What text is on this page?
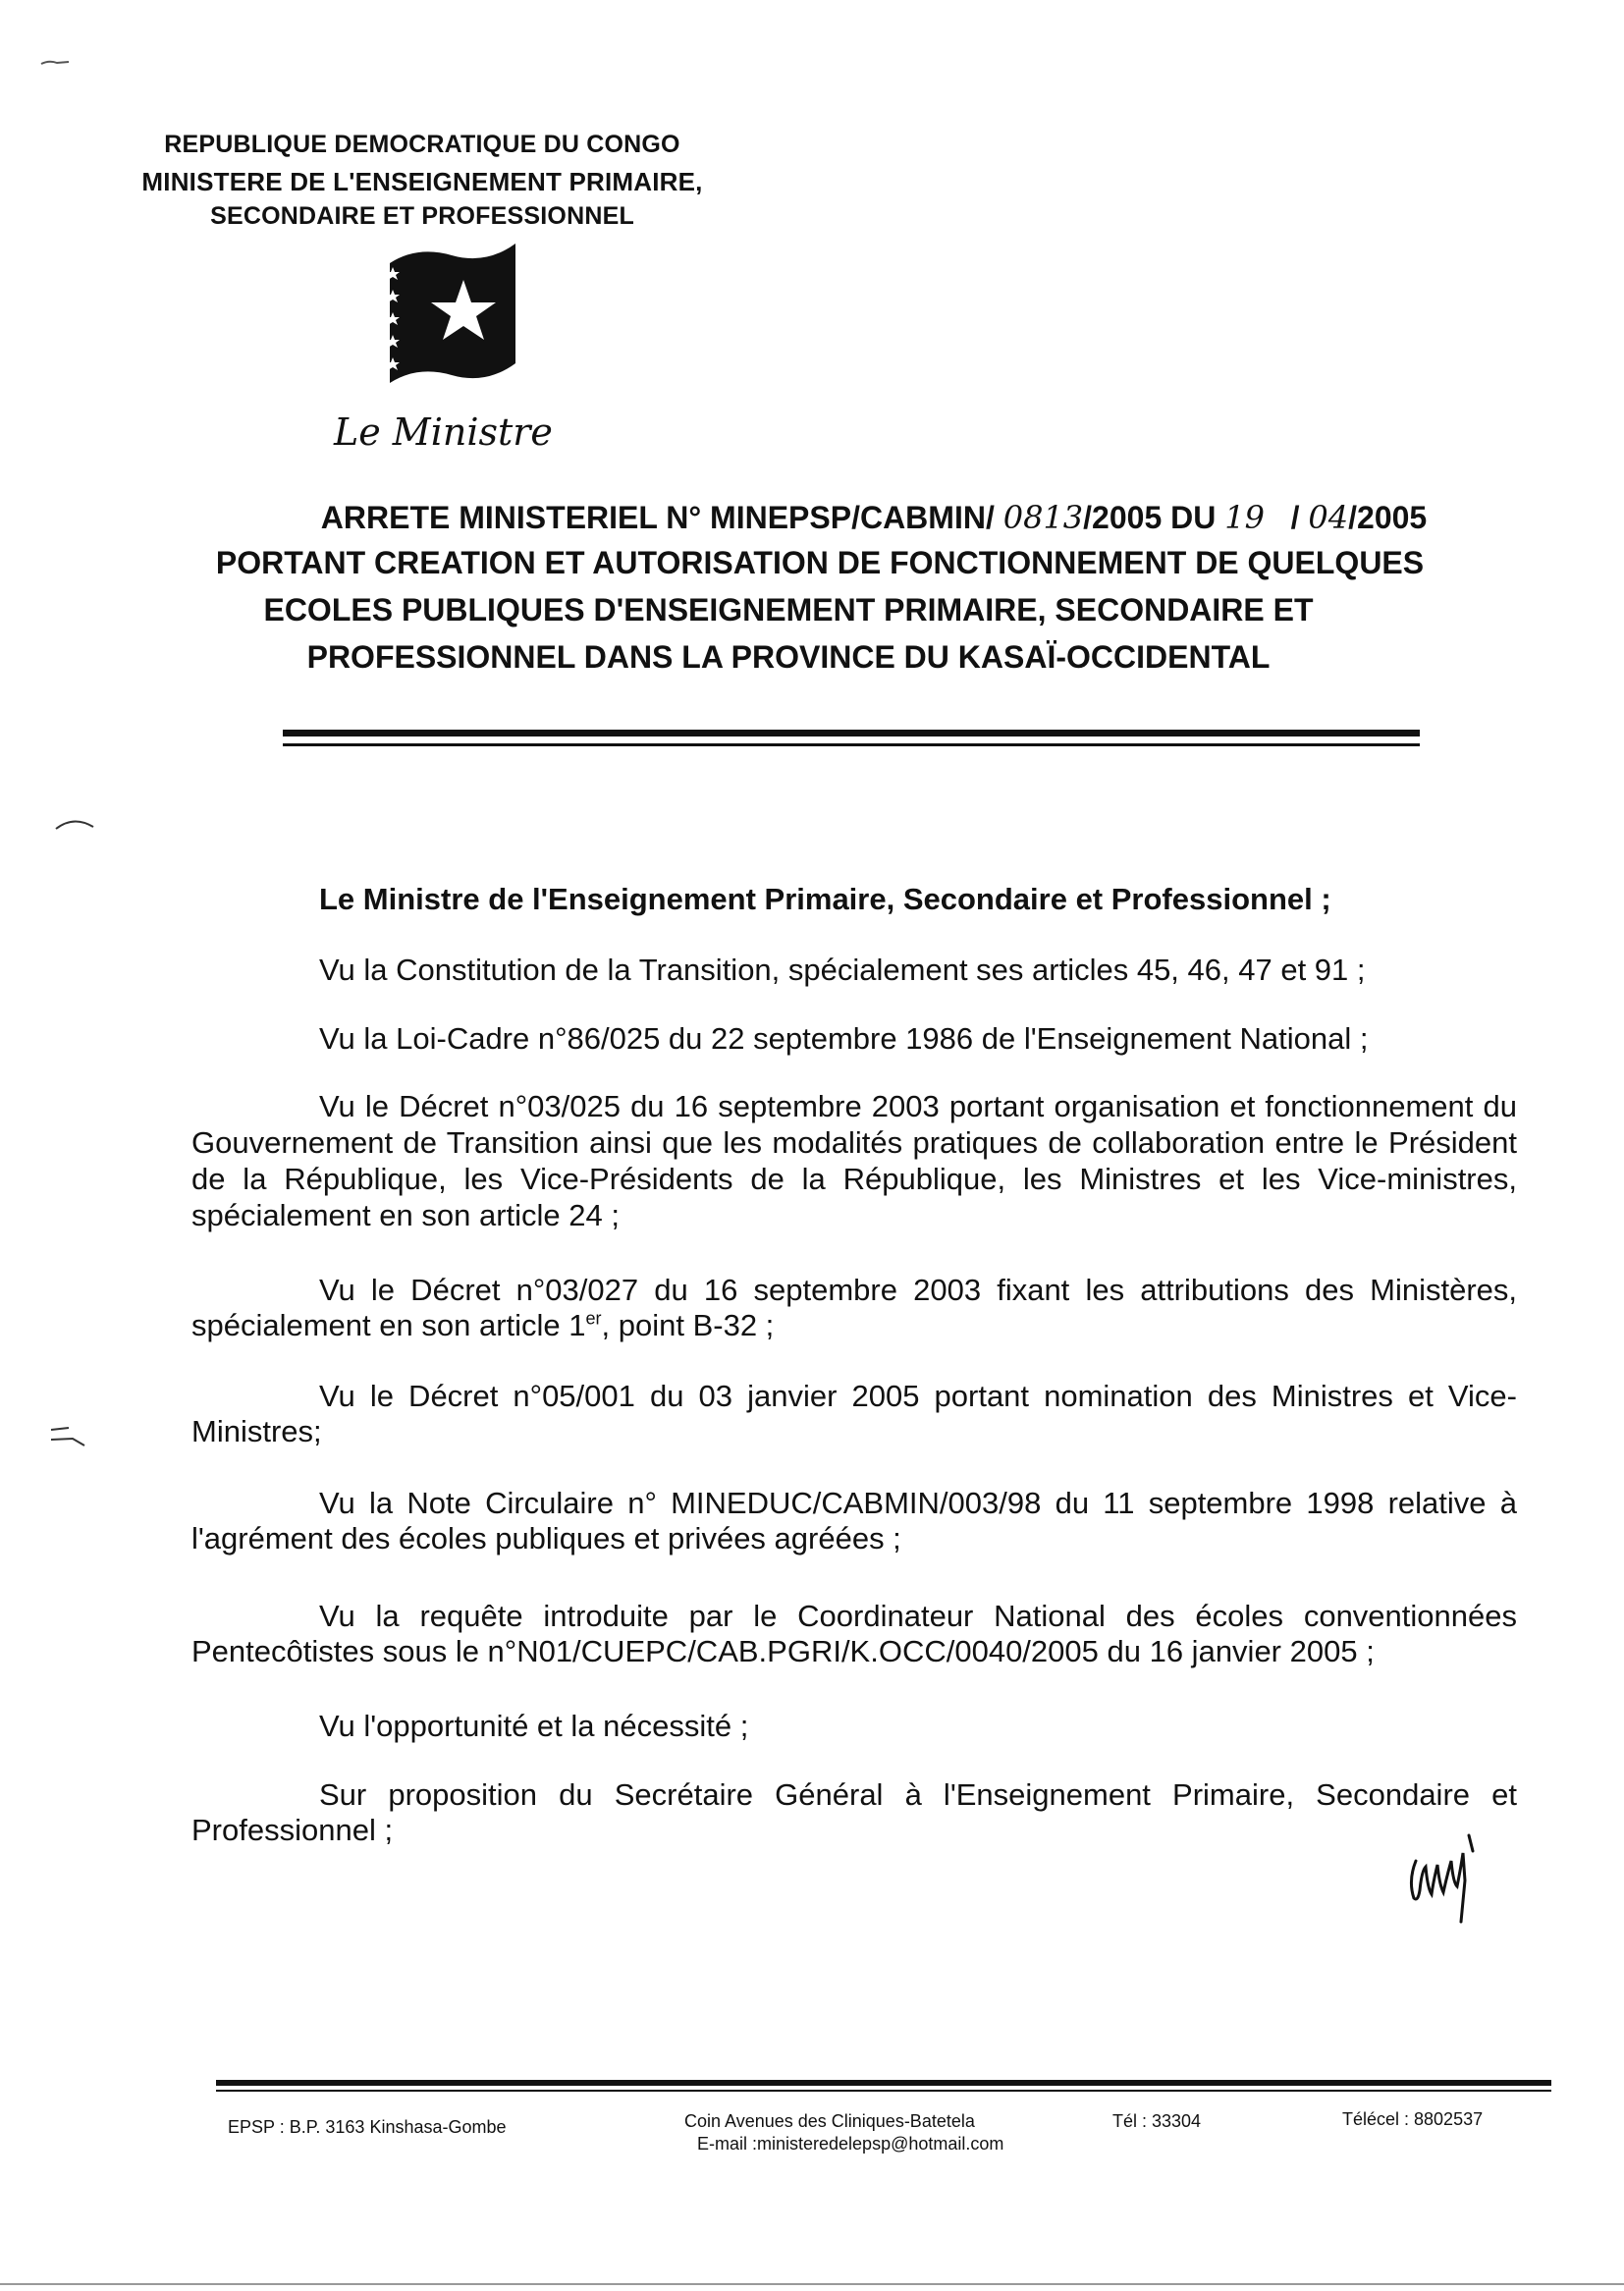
REPUBLIQUE DEMOCRATIQUE DU CONGO
MINISTERE DE L'ENSEIGNEMENT PRIMAIRE,
SECONDAIRE ET PROFESSIONNEL
Le Ministre
ARRETE MINISTERIEL N° MINEPSP/CABMIN/ 0813/2005 DU 19 / 04/2005
PORTANT CREATION ET AUTORISATION DE FONCTIONNEMENT DE QUELQUES
ECOLES PUBLIQUES D'ENSEIGNEMENT PRIMAIRE, SECONDAIRE ET
PROFESSIONNEL DANS LA PROVINCE DU KASAÏ-OCCIDENTAL

Le Ministre de l'Enseignement Primaire, Secondaire et Professionnel ;

Vu la Constitution de la Transition, spécialement ses articles 45, 46, 47 et 91 ;

Vu la Loi-Cadre n°86/025 du 22 septembre 1986 de l'Enseignement National ;

Vu le Décret n°03/025 du 16 septembre 2003 portant organisation et fonctionnement du Gouvernement de Transition ainsi que les modalités pratiques de collaboration entre le Président de la République, les Vice-Présidents de la République, les Ministres et les Vice-ministres, spécialement en son article 24 ;

Vu le Décret n°03/027 du 16 septembre 2003 fixant les attributions des Ministères, spécialement en son article 1er, point B-32 ;

Vu le Décret n°05/001 du 03 janvier 2005 portant nomination des Ministres et Vice-Ministres;

Vu la Note Circulaire n° MINEDUC/CABMIN/003/98 du 11 septembre 1998 relative à l'agrément des écoles publiques et privées agréées ;

Vu la requête introduite par le Coordinateur National des écoles conventionnées Pentecôtistes sous le n°N01/CUEPC/CAB.PGRI/K.OCC/0040/2005 du 16 janvier 2005 ;

Vu l'opportunité et la nécessité ;

Sur proposition du Secrétaire Général à l'Enseignement Primaire, Secondaire et Professionnel ;

EPSP : B.P. 3163 Kinshasa-Gombe	Coin Avenues des Cliniques-Batetela
E-mail :ministeredelepsp@hotmail.com
Tél : 33304	Télécel : 8802537
